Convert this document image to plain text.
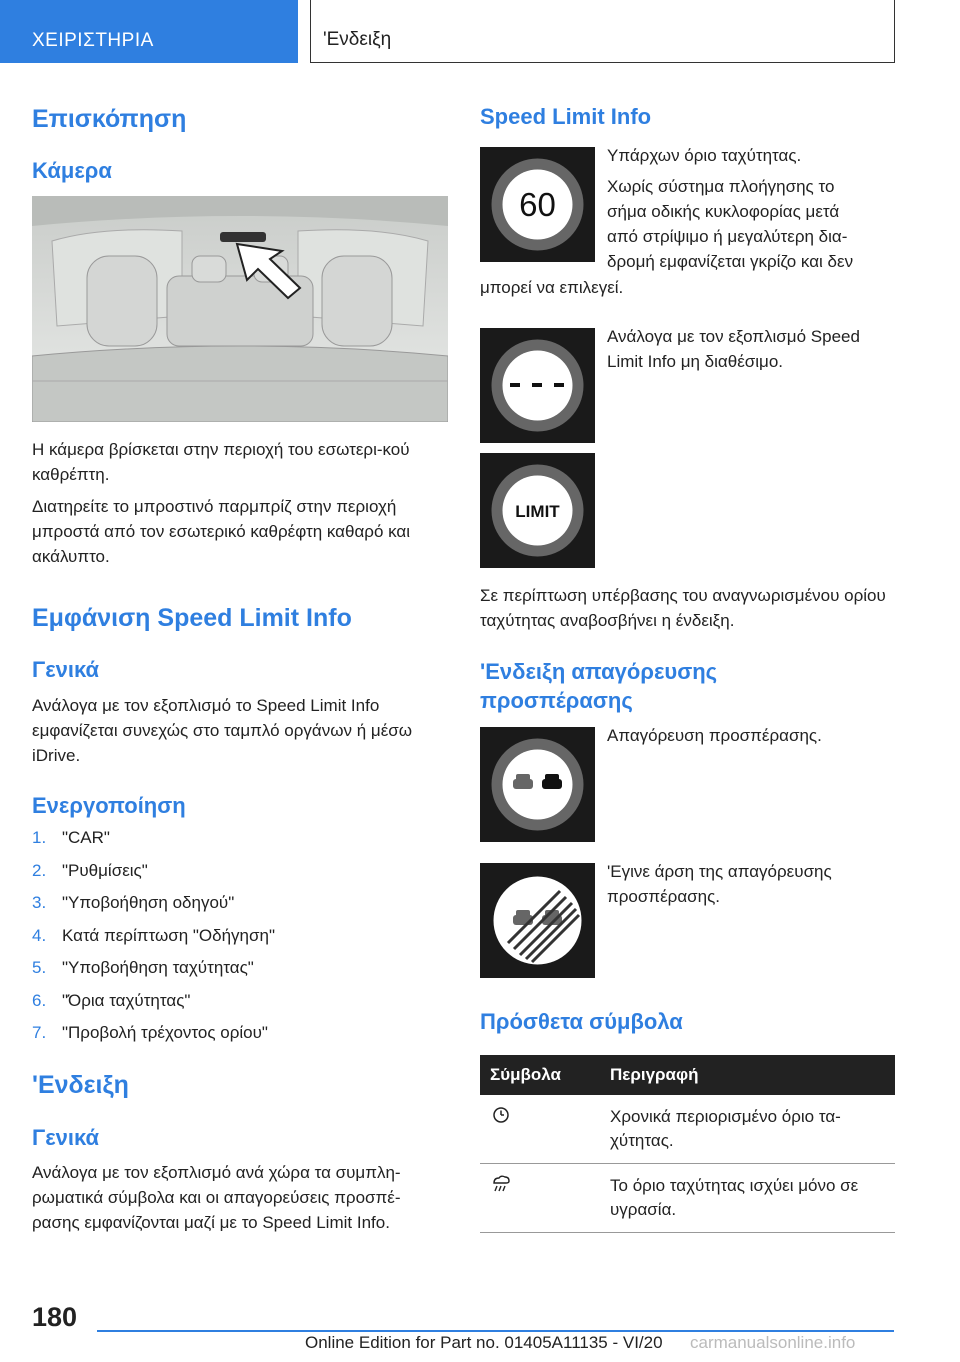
ΧΕΙΡΙΣΤΗΡΙΑ	'Ενδειξη
Επισκόπηση
Κάμερα
Η κάμερα βρίσκεται στην περιοχή του εσωτερι-κού καθρέπτη.
Διατηρείτε το μπροστινό παρμπρίζ στην περιοχή μπροστά από τον εσωτερικό καθρέφτη καθαρό και ακάλυπτο.
Εμφάνιση Speed Limit Info
Γενικά
Ανάλογα με τον εξοπλισμό το Speed Limit Info εμφανίζεται συνεχώς στο ταμπλό οργάνων ή μέσω iDrive.
Ενεργοποίηση
1. "CAR"
2. "Ρυθμίσεις"
3. "Υποβοήθηση οδηγού"
4. Κατά περίπτωση "Οδήγηση"
5. "Υποβοήθηση ταχύτητας"
6. "Όρια ταχύτητας"
7. "Προβολή τρέχοντος ορίου"
'Ενδειξη
Γενικά
Ανάλογα με τον εξοπλισμό ανά χώρα τα συμπλη-ρωματικά σύμβολα και οι απαγορεύσεις προσπέ-ρασης εμφανίζονται μαζί με το Speed Limit Info.
Speed Limit Info
60
Υπάρχων όριο ταχύτητας.
Χωρίς σύστημα πλοήγησης το
σήμα οδικής κυκλοφορίας μετά
από στρίψιμο ή μεγαλύτερη δια-
δρομή εμφανίζεται γκρίζο και δεν
μπορεί να επιλεγεί.
Ανάλογα με τον εξοπλισμό Speed Limit Info μη διαθέσιμο.
LIMIT
Σε περίπτωση υπέρβασης του αναγνωρισμένου ορίου ταχύτητας αναβοσβήνει η ένδειξη.
'Ενδειξη απαγόρευσης προσπέρασης
Απαγόρευση προσπέρασης.
'Εγινε άρση της απαγόρευσης προσπέρασης.
Πρόσθετα σύμβολα
Σύμβολα	Περιγραφή
	Χρονικά περιορισμένο όριο τα-χύτητας.
	Το όριο ταχύτητας ισχύει μόνο σε υγρασία.
180
Online Edition for Part no. 01405A11135 - VI/20 carmanualsonline.info
